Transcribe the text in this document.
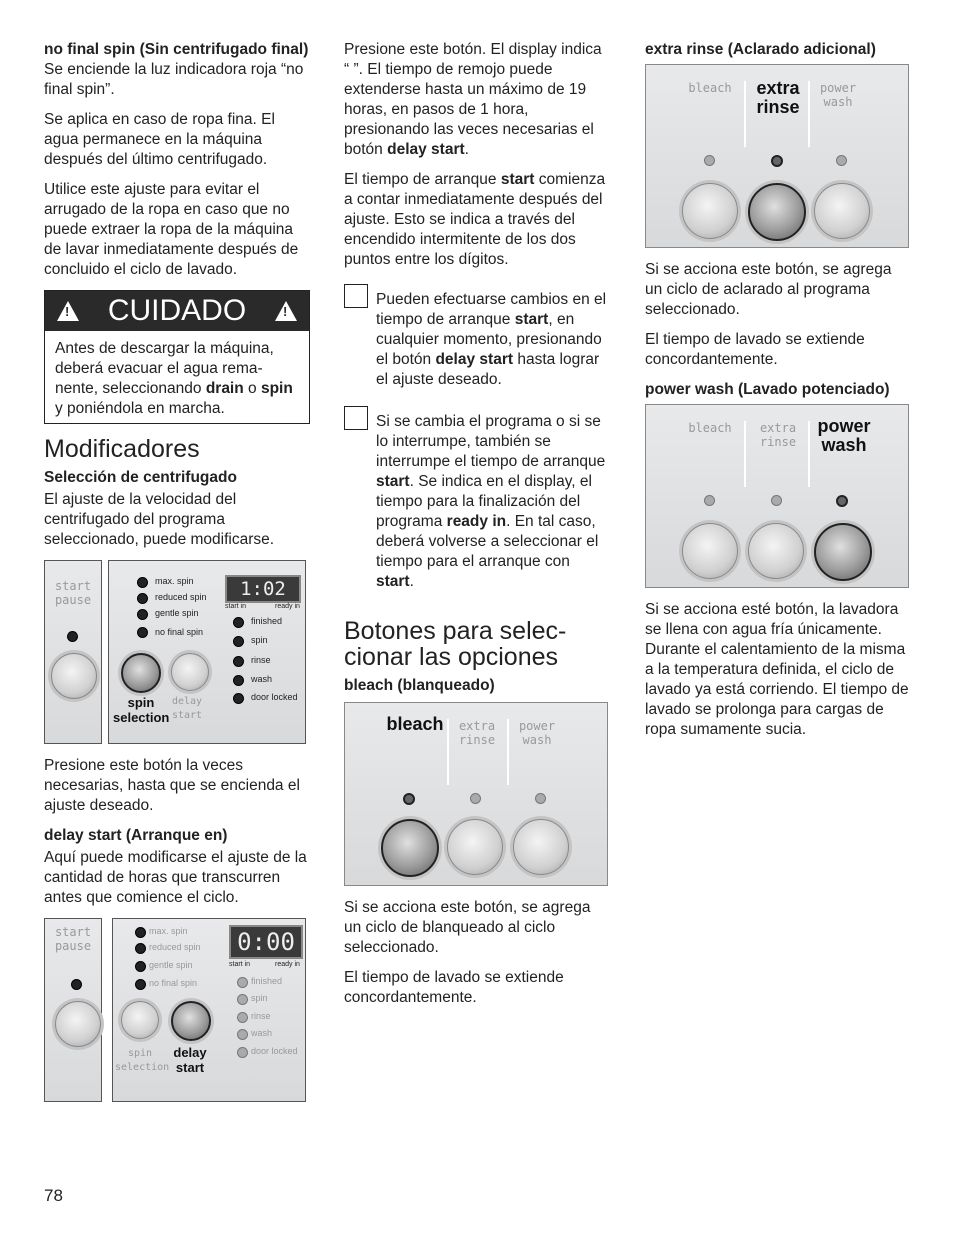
no final spin (Sin centrifugado final)

Se enciende la luz indicadora roja “no final spin”.

Se aplica en caso de ropa fina. El agua permanece en la máquina después del último centrifugado.

Utilice este ajuste para evitar el arrugado de la ropa en caso que no puede extraer la ropa de la máquina de lavar inmediatamente después de concluido el ciclo de lavado.

!
CUIDADO
!
Antes de descargar la máquina, deberá evacuar el agua rema-nente, seleccionando drain o spin y poniéndola en marcha.
Modificadores

Selección de centrifugado

El ajuste de la velocidad del centrifugado del programa seleccionado, puede modificarse.

start pause
max. spin
reduced spin
gentle spin
no final spin
1:02
start in	ready in
finished
spin
rinse
wash
door locked
spin selection
delay start

Presione este botón la veces necesarias, hasta que se encienda el ajuste deseado.

delay start (Arranque en)

Aquí puede modificarse el ajuste de la cantidad de horas que transcurren antes que comience el ciclo.

start pause
max. spin
reduced spin
gentle spin
no final spin
0:00
start in	ready in
finished
spin
rinse
wash
door locked
spin selection
delay start

Presione este botón. El display indica “ ”. El tiempo de remojo puede extenderse hasta un máximo de 19 horas, en pasos de 1 hora, presionando las veces necesarias el botón delay start.

El tiempo de arranque start comienza a contar inmediatamente después del ajuste. Esto se indica a través del encendido intermitente de los dos puntos entre los dígitos.

Pueden efectuarse cambios en el tiempo de arranque start, en cualquier momento, presionando el botón delay start hasta lograr el ajuste deseado.
Si se cambia el programa o si se lo interrumpe, también se interrumpe el tiempo de arranque start. Se indica en el display, el tiempo para la finalización del programa ready in. En tal caso, deberá volverse a seleccionar el tiempo para el arranque con start.
Botones para selec-cionar las opciones

bleach (blanqueado)

bleach	extra rinse
power wash

Si se acciona este botón, se agrega un ciclo de blanqueado al ciclo seleccionado.

El tiempo de lavado se extiende concordantemente.

extra rinse (Aclarado adicional)

bleach	extra rinse
power wash

Si se acciona este botón, se agrega un ciclo de aclarado al programa seleccionado.

El tiempo de lavado se extiende concordantemente.

power wash (Lavado potenciado)

bleach	extra rinse
power wash

Si se acciona esté botón, la lavadora se llena con agua fría únicamente. Durante el calentamiento de la misma a la temperatura definida, el ciclo de lavado ya está corriendo. El tiempo de lavado se prolonga para cargas de ropa sumamente sucia.

78
